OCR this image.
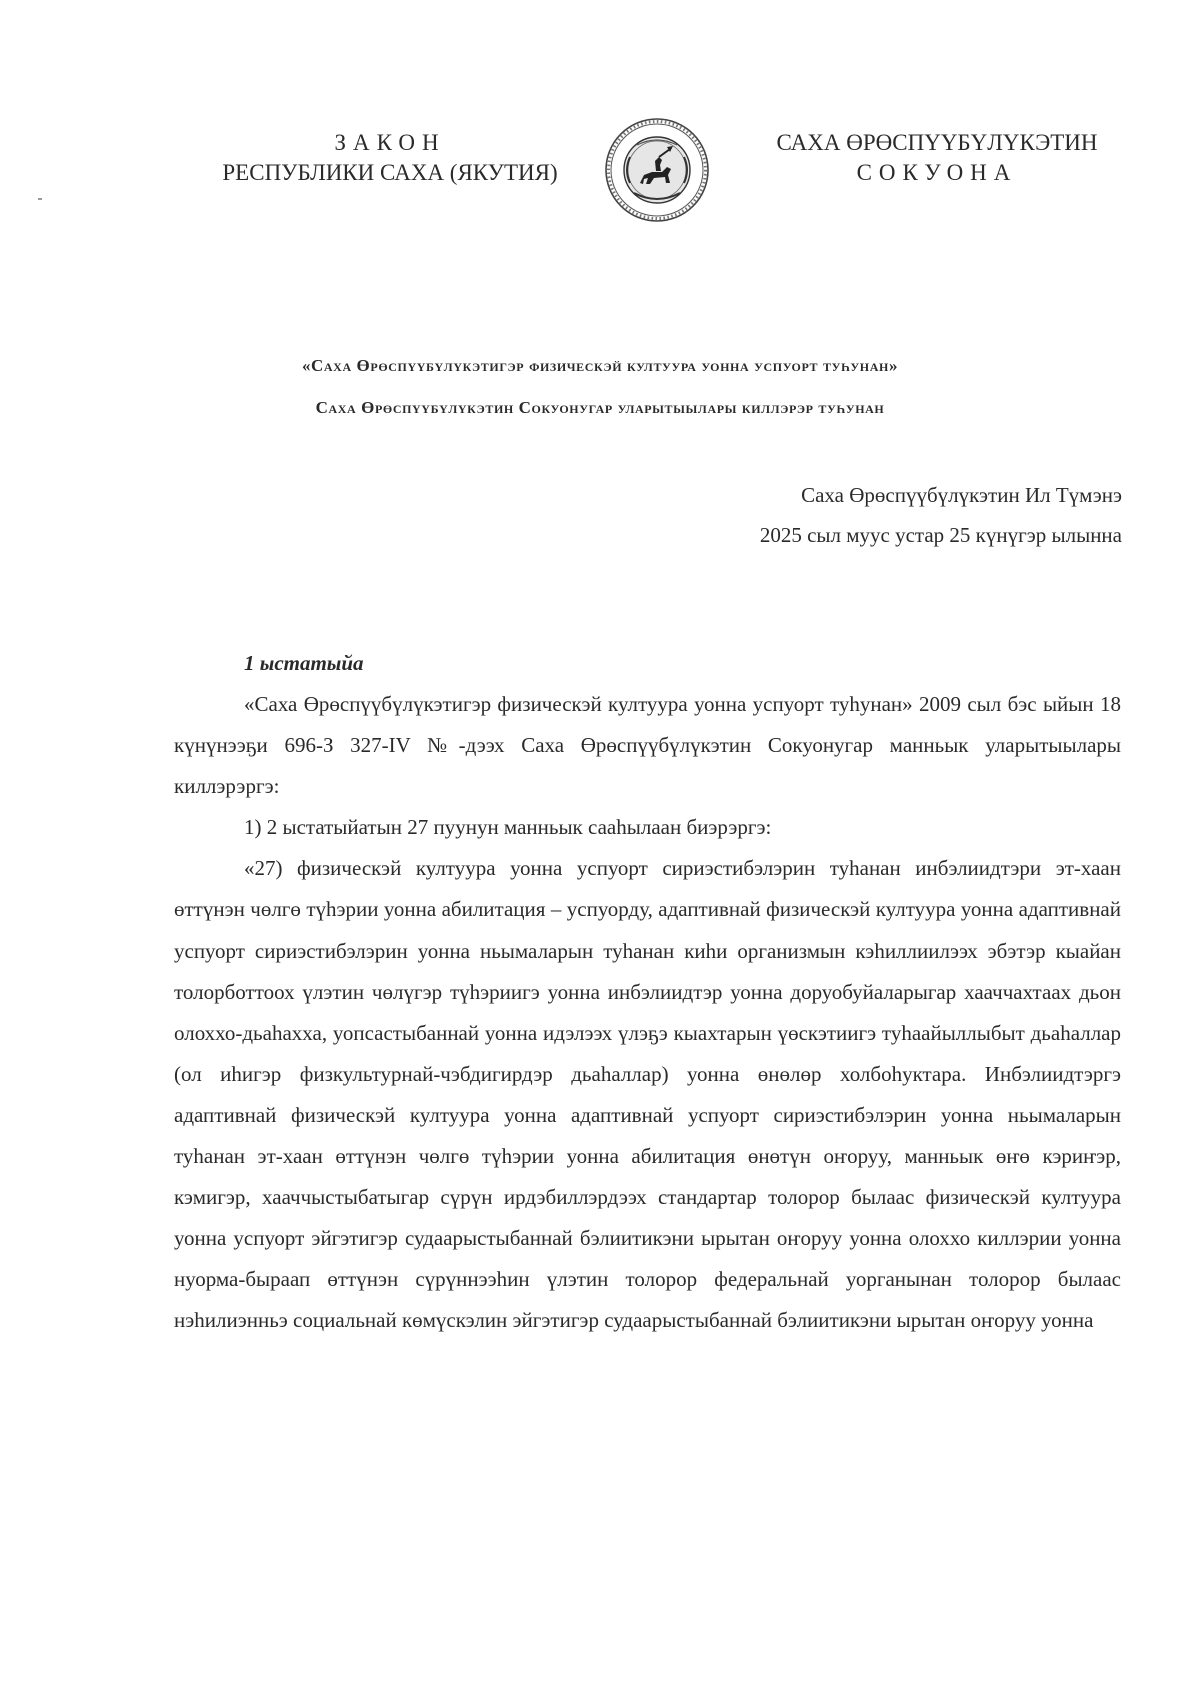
ЗАКОН
РЕСПУБЛИКИ САХА (ЯКУТИЯ)
САХА ӨРӨСПҮҮБҮЛҮКЭТИН
СОКУОНА
«Саха Өрөспүүбүлүкэтигэр физическэй култуура уонна успуорт туһунан»
Саха Өрөспүүбүлүкэтин Сокуонугар уларытыылары киллэрэр туһунан
Саха Өрөспүүбүлүкэтин Ил Түмэнэ
2025 сыл муус устар 25 күнүгэр ылынна
1 ыстатыйа

«Саха Өрөспүүбүлүкэтигэр физическэй култуура уонна успуорт туһунан» 2009 сыл бэс ыйын 18 күнүнээҕи 696-З 327-IV №-дээх Саха Өрөспүүбүлүкэтин Сокуонугар манньык уларытыылары киллэрэргэ:

1) 2 ыстатыйатын 27 пуунун манньык сааһылаан биэрэргэ:

«27) физическэй култуура уонна успуорт сириэстибэлэрин туһанан инбэлиидтэри эт-хаан өттүнэн чөлгө түһэрии уонна абилитация – успуорду, адаптивнай физическэй култуура уонна адаптивнай успуорт сириэстибэлэрин уонна ньымаларын туһанан киһи организмын кэһиллиилээх эбэтэр кыайан толорботтоох үлэтин чөлүгэр түһэриигэ уонна инбэлиидтэр уонна доруобуйаларыгар хааччахтаах дьон олоххо-дьаһахха, уопсастыбаннай уонна идэлээх үлэҕэ кыахтарын үөскэтиигэ туһаайыллыбыт дьаһаллар (ол иһигэр физкультурнай-чэбдигирдэр дьаһаллар) уонна өнөлөр холбоһуктара. Инбэлиидтэргэ адаптивнай физическэй култуура уонна адаптивнай успуорт сириэстибэлэрин уонна ньымаларын туһанан эт-хаан өттүнэн чөлгө түһэрии уонна абилитация өнөтүн оҥоруу, манньык өҥө кэриҥэр, кэмигэр, хааччыстыбатыгар сүрүн ирдэбиллэрдээх стандартар толорор былаас физическэй култуура уонна успуорт эйгэтигэр судаарыстыбаннай бэлиитикэни ырытан оҥоруу уонна олоххо киллэрии уонна нуорма-быраап өттүнэн сүрүннээһин үлэтин толорор федеральнай уорганынан толорор былаас нэһилиэнньэ социальнай көмүскэлин эйгэтигэр судаарыстыбаннай бэлиитикэни ырытан оҥоруу уонна
